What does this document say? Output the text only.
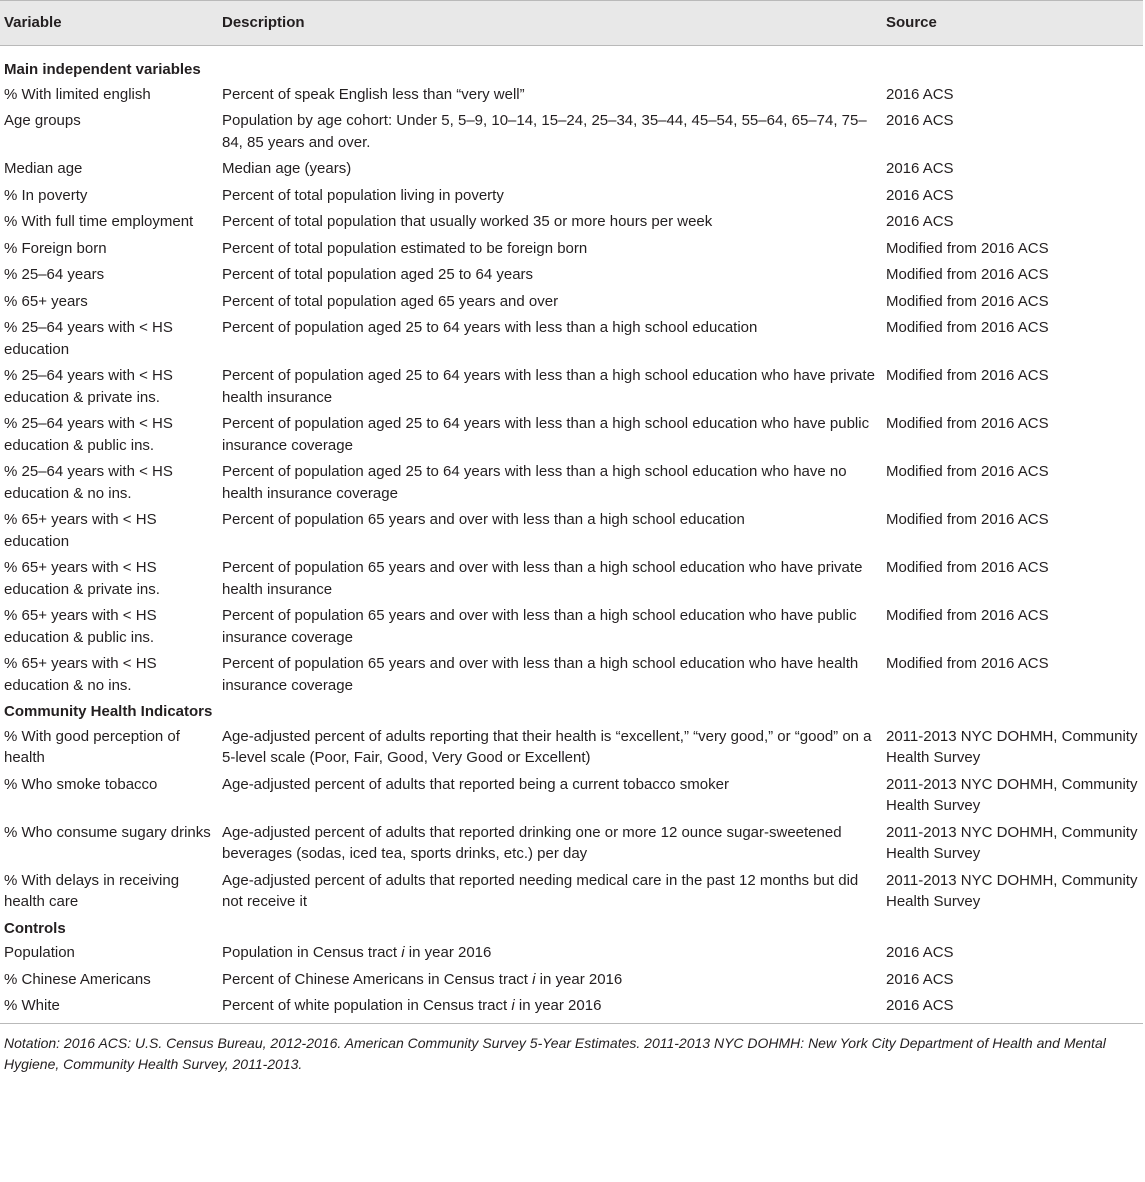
Variable	Description	Source
Main independent variables		
% With limited english	Percent of speak English less than “very well”	2016 ACS
Age groups	Population by age cohort: Under 5, 5–9, 10–14, 15–24, 25–34, 35–44, 45–54, 55–64, 65–74, 75–84, 85 years and over.	2016 ACS
Median age	Median age (years)	2016 ACS
% In poverty	Percent of total population living in poverty	2016 ACS
% With full time employment	Percent of total population that usually worked 35 or more hours per week	2016 ACS
% Foreign born	Percent of total population estimated to be foreign born	Modified from 2016 ACS
% 25–64 years	Percent of total population aged 25 to 64 years	Modified from 2016 ACS
% 65+ years	Percent of total population aged 65 years and over	Modified from 2016 ACS
% 25–64 years with < HS education	Percent of population aged 25 to 64 years with less than a high school education	Modified from 2016 ACS
% 25–64 years with < HS education & private ins.	Percent of population aged 25 to 64 years with less than a high school education who have private health insurance	Modified from 2016 ACS
% 25–64 years with < HS education & public ins.	Percent of population aged 25 to 64 years with less than a high school education who have public insurance coverage	Modified from 2016 ACS
% 25–64 years with < HS education & no ins.	Percent of population aged 25 to 64 years with less than a high school education who have no health insurance coverage	Modified from 2016 ACS
% 65+ years with < HS education	Percent of population 65 years and over with less than a high school education	Modified from 2016 ACS
% 65+ years with < HS education & private ins.	Percent of population 65 years and over with less than a high school education who have private health insurance	Modified from 2016 ACS
% 65+ years with < HS education & public ins.	Percent of population 65 years and over with less than a high school education who have public insurance coverage	Modified from 2016 ACS
% 65+ years with < HS education & no ins.	Percent of population 65 years and over with less than a high school education who have health insurance coverage	Modified from 2016 ACS
Community Health Indicators		
% With good perception of health	Age-adjusted percent of adults reporting that their health is “excellent,” “very good,” or “good” on a 5-level scale (Poor, Fair, Good, Very Good or Excellent)	2011-2013 NYC DOHMH, Community Health Survey
% Who smoke tobacco	Age-adjusted percent of adults that reported being a current tobacco smoker	2011-2013 NYC DOHMH, Community Health Survey
% Who consume sugary drinks	Age-adjusted percent of adults that reported drinking one or more 12 ounce sugar-sweetened beverages (sodas, iced tea, sports drinks, etc.) per day	2011-2013 NYC DOHMH, Community Health Survey
% With delays in receiving health care	Age-adjusted percent of adults that reported needing medical care in the past 12 months but did not receive it	2011-2013 NYC DOHMH, Community Health Survey
Controls		
Population	Population in Census tract i in year 2016	2016 ACS
% Chinese Americans	Percent of Chinese Americans in Census tract i in year 2016	2016 ACS
% White	Percent of white population in Census tract i in year 2016	2016 ACS
Notation: 2016 ACS: U.S. Census Bureau, 2012-2016. American Community Survey 5-Year Estimates. 2011-2013 NYC DOHMH: New York City Department of Health and Mental Hygiene, Community Health Survey, 2011-2013.
